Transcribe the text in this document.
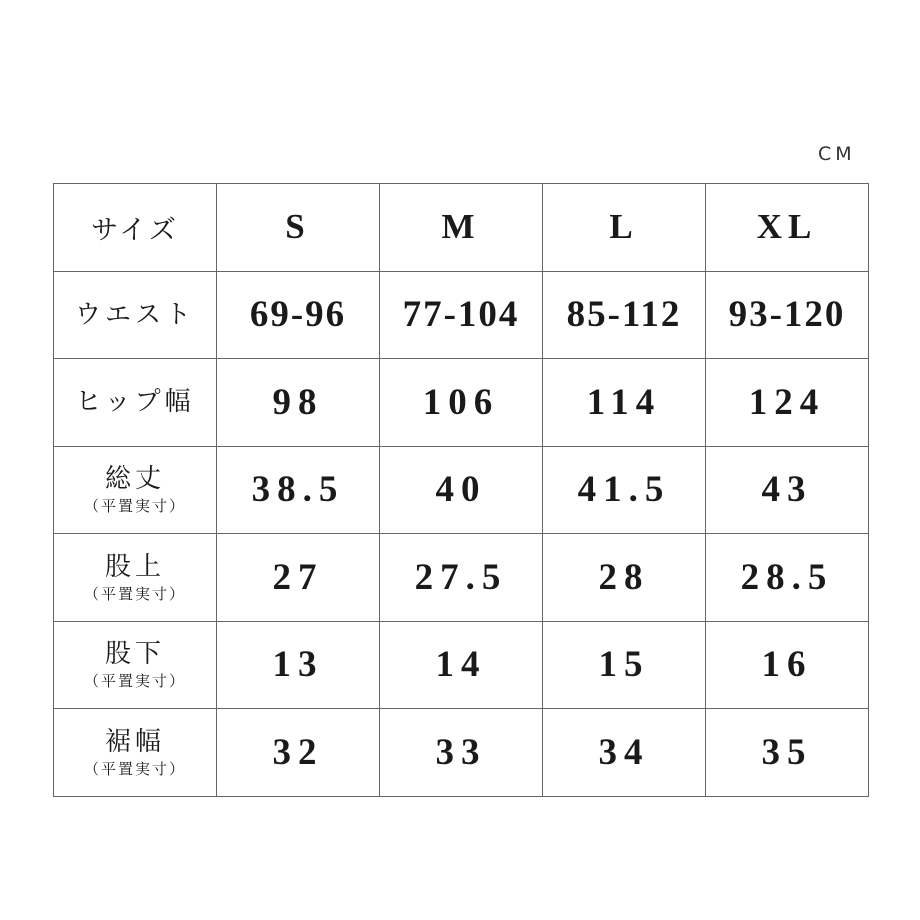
CM
サイズ	S	M	L	XL

ウエスト	69-96	77-104	85-112	93-120

ヒップ幅	98	106	114	124

総丈
（平置実寸）	38.5	40	41.5	43

股上
（平置実寸）	27	27.5	28	28.5

股下
（平置実寸）	13	14	15	16

裾幅
（平置実寸）	32	33	34	35
